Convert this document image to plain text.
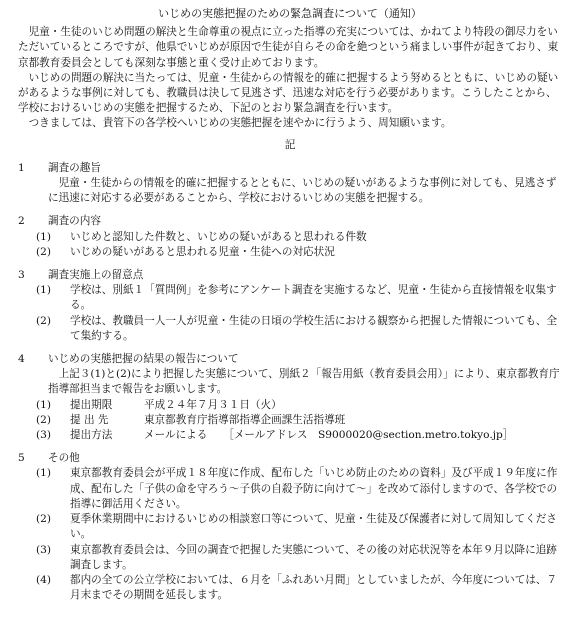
いじめの実態把握のための緊急調査について（通知）

児童・生徒のいじめ問題の解決と生命尊重の視点に立った指導の充実については、かねてより特段の御尽力をいただいているところですが、他県でいじめが原因で生徒が自らその命を絶つという痛ましい事件が起きており、東京都教育委員会としても深刻な事態と重く受け止めております。

いじめの問題の解決に当たっては、児童・生徒からの情報を的確に把握するよう努めるとともに、いじめの疑いがあるような事例に対しても、教職員は決して見逃さず、迅速な対応を行う必要があります。こうしたことから、学校におけるいじめの実態を把握するため、下記のとおり緊急調査を行います。

つきましては、貴管下の各学校へいじめの実態把握を速やかに行うよう、周知願います。

記

1 調査の趣旨

児童・生徒からの情報を的確に把握するとともに、いじめの疑いがあるような事例に対しても、見逃さずに迅速に対応する必要があることから、学校におけるいじめの実態を把握する。

2 調査の内容

(1)	いじめと認知した件数と、いじめの疑いがあると思われる件数
(2)	いじめの疑いがあると思われる児童・生徒への対応状況

3 調査実施上の留意点

(1)	学校は、別紙１「質問例」を参考にアンケート調査を実施するなど、児童・生徒から直接情報を収集する。
(2)	学校は、教職員一人一人が児童・生徒の日頃の学校生活における観察から把握した情報についても、全て集約する。

4 いじめの実態把握の結果の報告について

上記３(1)と(2)により把握した実態について、別紙２「報告用紙（教育委員会用）」により、東京都教育庁指導部担当まで報告をお願いします。

(1)	提出期限	平成２４年７月３１日（火）
(2)	提 出 先	東京都教育庁指導部指導企画課生活指導班
(3)	提出方法	メールによる　　［メールアドレス　S9000020@section.metro.tokyo.jp］

5 その他

(1)	東京都教育委員会が平成１８年度に作成、配布した「いじめ防止のための資料」及び平成１９年度に作成、配布した「子供の命を守ろう～子供の自殺予防に向けて～」を改めて添付しますので、各学校での指導に御活用ください。
(2)	夏季休業期間中におけるいじめの相談窓口等について、児童・生徒及び保護者に対して周知してください。
(3)	東京都教育委員会は、今回の調査で把握した実態について、その後の対応状況等を本年９月以降に追跡調査します。
(4)	都内の全ての公立学校においては、６月を「ふれあい月間」としていましたが、今年度については、７月末までその期間を延長します。
